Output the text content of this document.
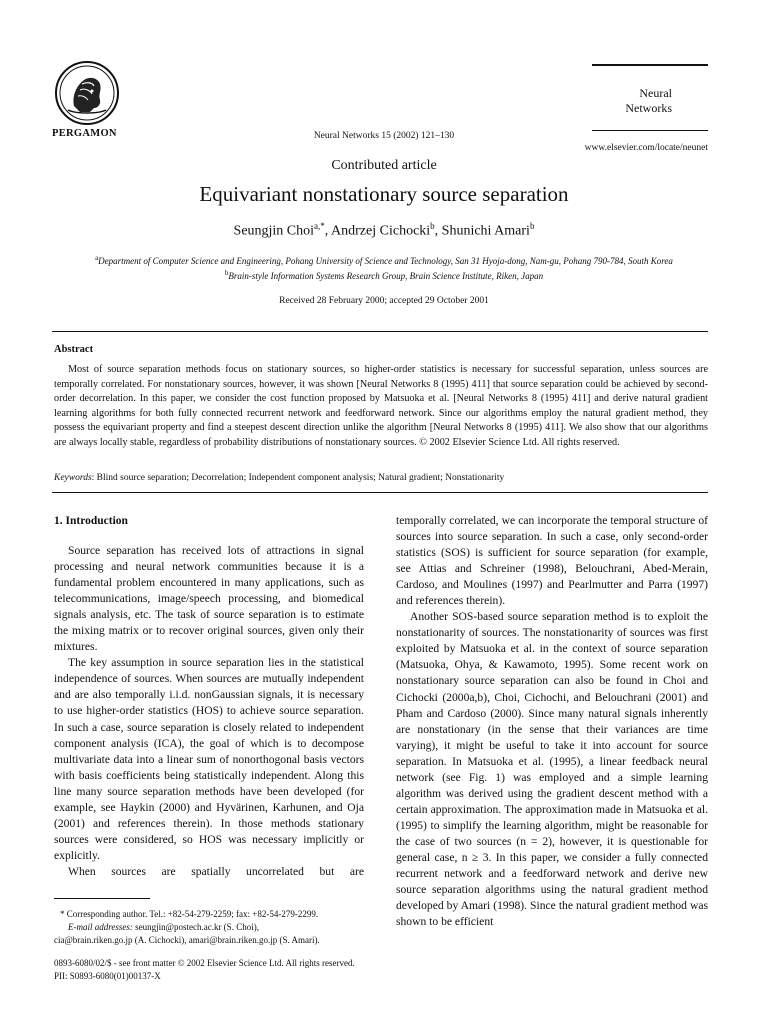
PERGAMON	Neural Networks 15 (2002) 121–130
Neural
Networks
www.elsevier.com/locate/neunet
Contributed article
Equivariant nonstationary source separation
Seungjin Choi$^{a,*}$, Andrzej Cichocki$^b$, Shunichi Amari$^b$
$^a$Department of Computer Science and Engineering, Pohang University of Science and Technology, San 31 Hyoja-dong, Nam-gu, Pohang 790-784, South Korea
$^b$Brain-style Information Systems Research Group, Brain Science Institute, Riken, Japan
Received 28 February 2000; accepted 29 October 2001
Abstract

Most of source separation methods focus on stationary sources, so higher-order statistics is necessary for successful separation, unless sources are temporally correlated. For nonstationary sources, however, it was shown [Neural Networks 8 (1995) 411] that source separation could be achieved by second-order decorrelation. In this paper, we consider the cost function proposed by Matsuoka et al. [Neural Networks 8 (1995) 411] and derive natural gradient learning algorithms for both fully connected recurrent network and feedforward network. Since our algorithms employ the natural gradient method, they possess the equivariant property and find a steepest descent direction unlike the algorithm [Neural Networks 8 (1995) 411]. We also show that our algorithms are always locally stable, regardless of probability distributions of nonstationary sources. © 2002 Elsevier Science Ltd. All rights reserved.

Keywords: Blind source separation; Decorrelation; Independent component analysis; Natural gradient; Nonstationarity
1. Introduction

Source separation has received lots of attractions in signal processing and neural network communities because it is a fundamental problem encountered in many applications, such as telecommunications, image/speech processing, and biomedical signals analysis, etc. The task of source separation is to estimate the mixing matrix or to recover original sources, given only their mixtures.

The key assumption in source separation lies in the statistical independence of sources. When sources are mutually independent and are also temporally i.i.d. nonGaussian signals, it is necessary to use higher-order statistics (HOS) to achieve source separation. In such a case, source separation is closely related to independent component analysis (ICA), the goal of which is to decompose multivariate data into a linear sum of nonorthogonal basis vectors with basis coefficients being statistically independent. Along this line many source separation methods have been developed (for example, see Haykin (2000) and Hyvärinen, Karhunen, and Oja (2001) and references therein). In those methods stationary sources were considered, so HOS was necessary implicitly or explicitly.

When sources are spatially uncorrelated but are

temporally correlated, we can incorporate the temporal structure of sources into source separation. In such a case, only second-order statistics (SOS) is sufficient for source separation (for example, see Attias and Schreiner (1998), Belouchrani, Abed-Merain, Cardoso, and Moulines (1997) and Pearlmutter and Parra (1997) and references therein).

Another SOS-based source separation method is to exploit the nonstationarity of sources. The nonstationarity of sources was first exploited by Matsuoka et al. in the context of source separation (Matsuoka, Ohya, & Kawamoto, 1995). Some recent work on nonstationary source separation can also be found in Choi and Cichocki (2000a,b), Choi, Cichochi, and Belouchrani (2001) and Pham and Cardoso (2000). Since many natural signals inherently are nonstationary (in the sense that their variances are time varying), it might be useful to take it into account for source separation. In Matsuoka et al. (1995), a linear feedback neural network (see Fig. 1) was employed and a simple learning algorithm was derived using the gradient descent method with a certain approximation. The approximation made in Matsuoka et al. (1995) to simplify the learning algorithm, might be reasonable for the case of two sources (n = 2), however, it is questionable for general case, n ≥ 3. In this paper, we consider a fully connected recurrent network and a feedforward network and derive new source separation algorithms using the natural gradient method developed by Amari (1998). Since the natural gradient method was shown to be efficient

* Corresponding author. Tel.: +82-54-279-2259; fax: +82-54-279-2299.
E-mail addresses: seungjin@postech.ac.kr (S. Choi),
cia@brain.riken.go.jp (A. Cichocki), amari@brain.riken.go.jp (S. Amari).
0893-6080/02/$ - see front matter © 2002 Elsevier Science Ltd. All rights reserved.
PII: S0893-6080(01)00137-X
